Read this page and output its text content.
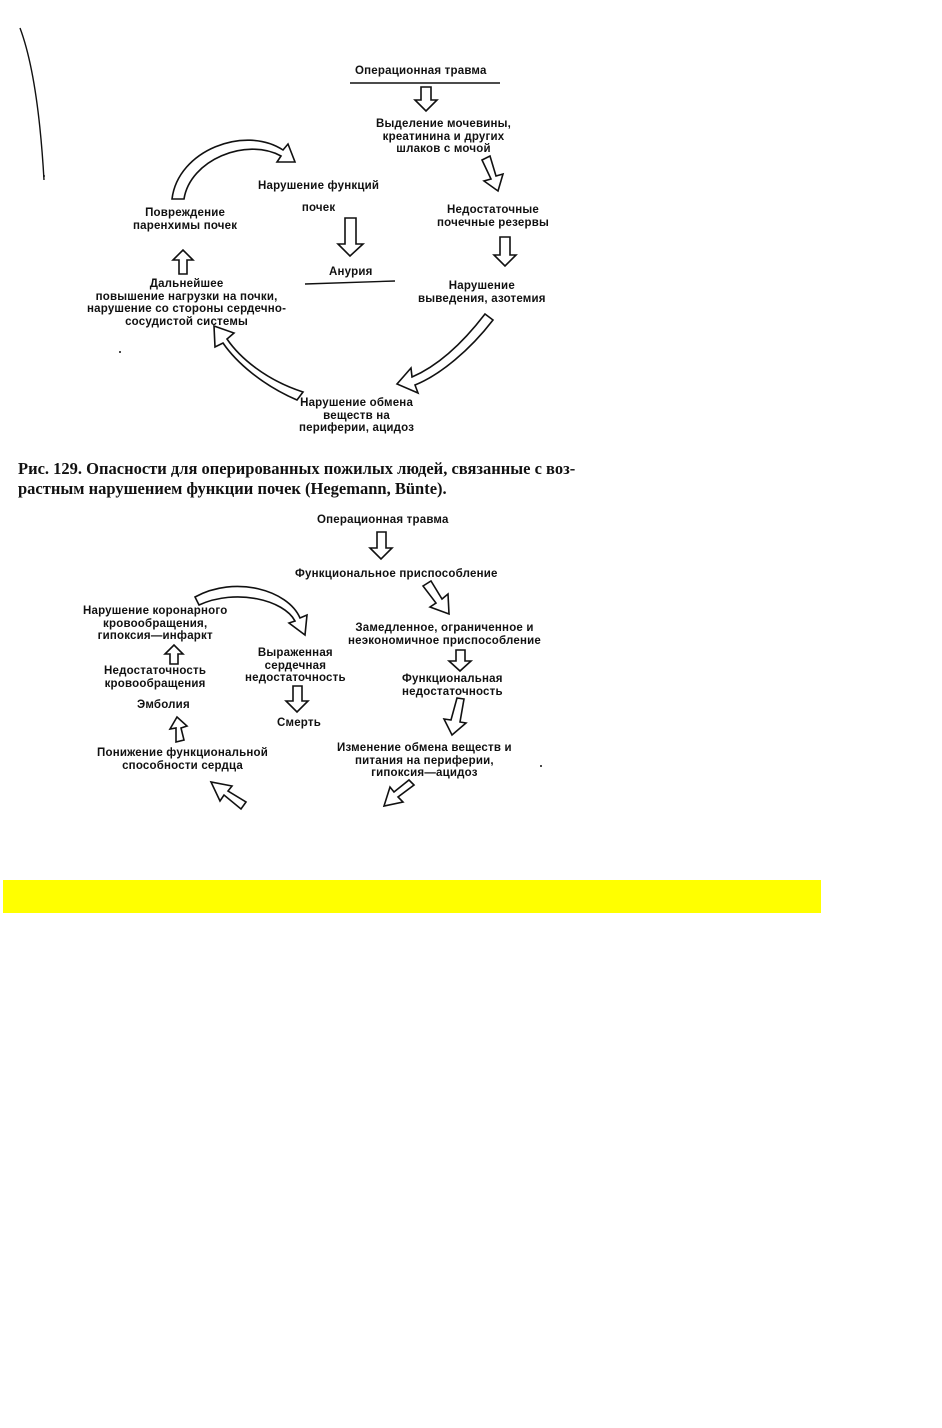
Операционная травма
Выделение мочевины,
креатинина и других
шлаков с мочой
Нарушение функций
почек
Повреждение
паренхимы почек
Недостаточные
почечные резервы
Анурия
Дальнейшее
повышение нагрузки на почки,
нарушение со стороны сердечно-
сосудистой системы
Нарушение
выведения, азотемия
Нарушение обмена
веществ на
периферии, ацидоз
Рис. 129. Опасности для оперированных пожилых людей, связанные с воз-растным нарушением функции почек (Hegemann, Bünte).
Операционная травма
Функциональное приспособление
Нарушение коронарного
кровообращения,
гипоксия—инфаркт
Замедленное, ограниченное и
неэкономичное приспособление
Выраженная
сердечная
недостаточность
Недостаточность
кровообращения	Функциональная
недостаточность
Смерть
Эмболия
Изменение обмена веществ и
питания на периферии,
гипоксия—ацидоз
Понижение функциональной
способности сердца
